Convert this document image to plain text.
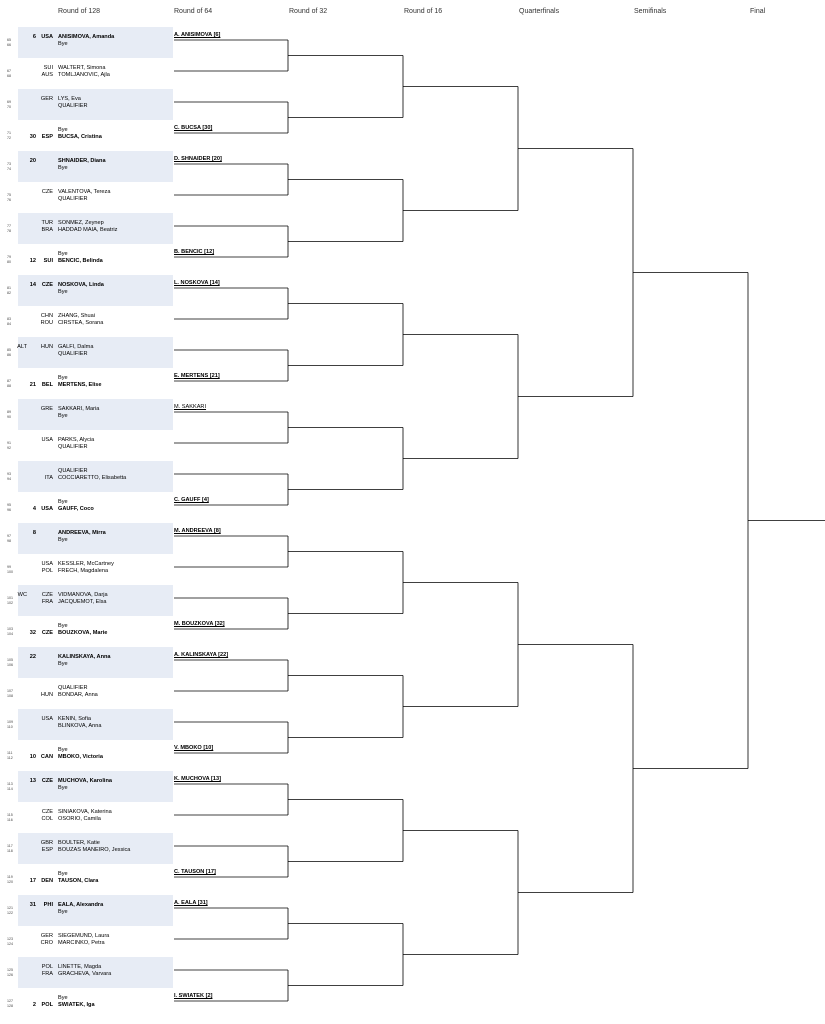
Round of 128	Round of 64	Round of 32	Round of 16	Quarterfinals	Semifinals	Final
65
66
6 USA ANISIMOVA, Amanda
Bye
A. ANISIMOVA [6]
67
68
SUI WALTERT, Simona
AUS TOMLJANOVIC, Ajla
69
70
GER LYS, Eva
QUALIFIER
71
72
Bye
30	ESP BUCSA, Cristina
C. BUCSA [30]
73
74
20	SHNAIDER, Diana
Bye
D. SHNAIDER [20]
75
76
CZE VALENTOVA, Tereza
QUALIFIER
77
78
TUR SONMEZ, Zeynep
BRA HADDAD MAIA, Beatriz
79
80
Bye
12	SUI BENCIC, Belinda
B. BENCIC [12]
81
82
14	CZE NOSKOVA, Linda
Bye
L. NOSKOVA [14]
83
84
CHN ZHANG, Shuai
ROU CIRSTEA, Sorana
85
86
ALT	HUN GALFI, Dalma
QUALIFIER
87
88
Bye
21	BEL MERTENS, Elise
E. MERTENS [21]
89
90
GRE SAKKARI, Maria
Bye
M. SAKKARI
91
92
USA PARKS, Alycia
QUALIFIER
93
94
QUALIFIER
ITA COCCIARETTO, Elisabetta
95
96
Bye
4 USA GAUFF, Coco
C. GAUFF [4]
97
98
8	ANDREEVA, Mirra
Bye
M. ANDREEVA [8]
99
100
USA KESSLER, McCartney
POL FRECH, Magdalena
101
102
WC	CZE VIDMANOVA, Darja
FRA JACQUEMOT, Elsa
103
104
Bye
32	CZE BOUZKOVA, Marie
M. BOUZKOVA [32]
105
106
22	KALINSKAYA, Anna
Bye
A. KALINSKAYA [22]
107
108
QUALIFIER
HUN BONDAR, Anna
109
110
USA KENIN, Sofia
BLINKOVA, Anna
111
112
Bye
10 CAN MBOKO, Victoria
V. MBOKO [10]
113
114
13	CZE MUCHOVA, Karolina
Bye
K. MUCHOVA [13]
115
116
CZE SINIAKOVA, Katerina
COL OSORIO, Camila
117
118
GBR BOULTER, Katie
ESP BOUZAS MANEIRO, Jessica
119
120
Bye
17 DEN TAUSON, Clara
C. TAUSON [17]
121
122
31	PHI EALA, Alexandra
Bye
A. EALA [31]
123
124
GER SIEGEMUND, Laura
CRO MARCINKO, Petra
125
126
POL LINETTE, Magda
FRA GRACHEVA, Varvara
127
128
Bye
2 POL SWIATEK, Iga
I. SWIATEK [2]
